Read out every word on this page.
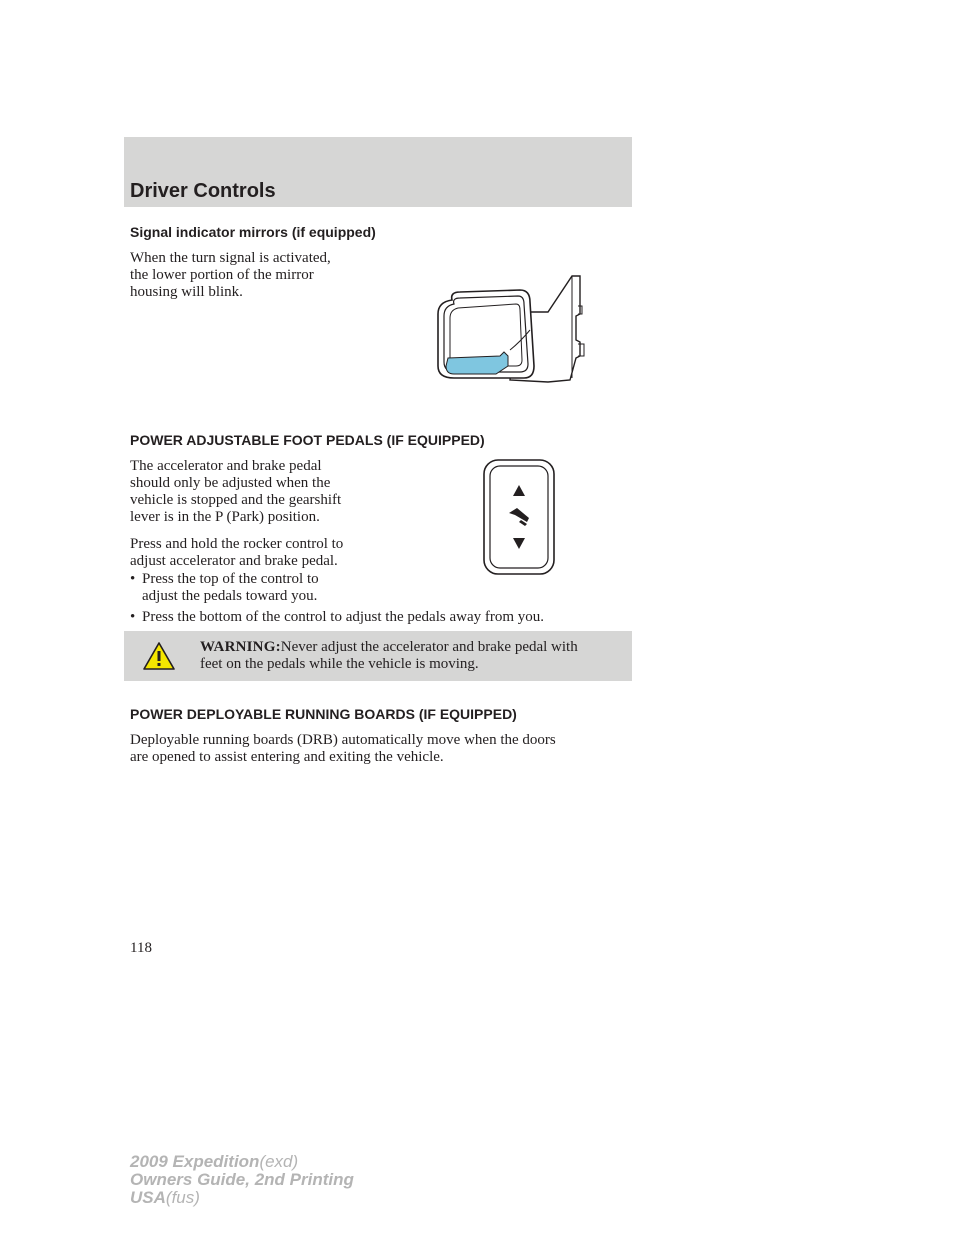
Driver Controls
Signal indicator mirrors (if equipped)
When the turn signal is activated,
the lower portion of the mirror
housing will blink.
POWER ADJUSTABLE FOOT PEDALS (IF EQUIPPED)
The accelerator and brake pedal
should only be adjusted when the
vehicle is stopped and the gearshift
lever is in the P (Park) position.
Press and hold the rocker control to
adjust accelerator and brake pedal.
• Press the top of the control to
adjust the pedals toward you.
• Press the bottom of the control to adjust the pedals away from you.
WARNING:Never adjust the accelerator and brake pedal with
feet on the pedals while the vehicle is moving.
POWER DEPLOYABLE RUNNING BOARDS (IF EQUIPPED)
Deployable running boards (DRB) automatically move when the doors
are opened to assist entering and exiting the vehicle.
118
2009 Expedition(exd)
Owners Guide, 2nd Printing
USA(fus)
